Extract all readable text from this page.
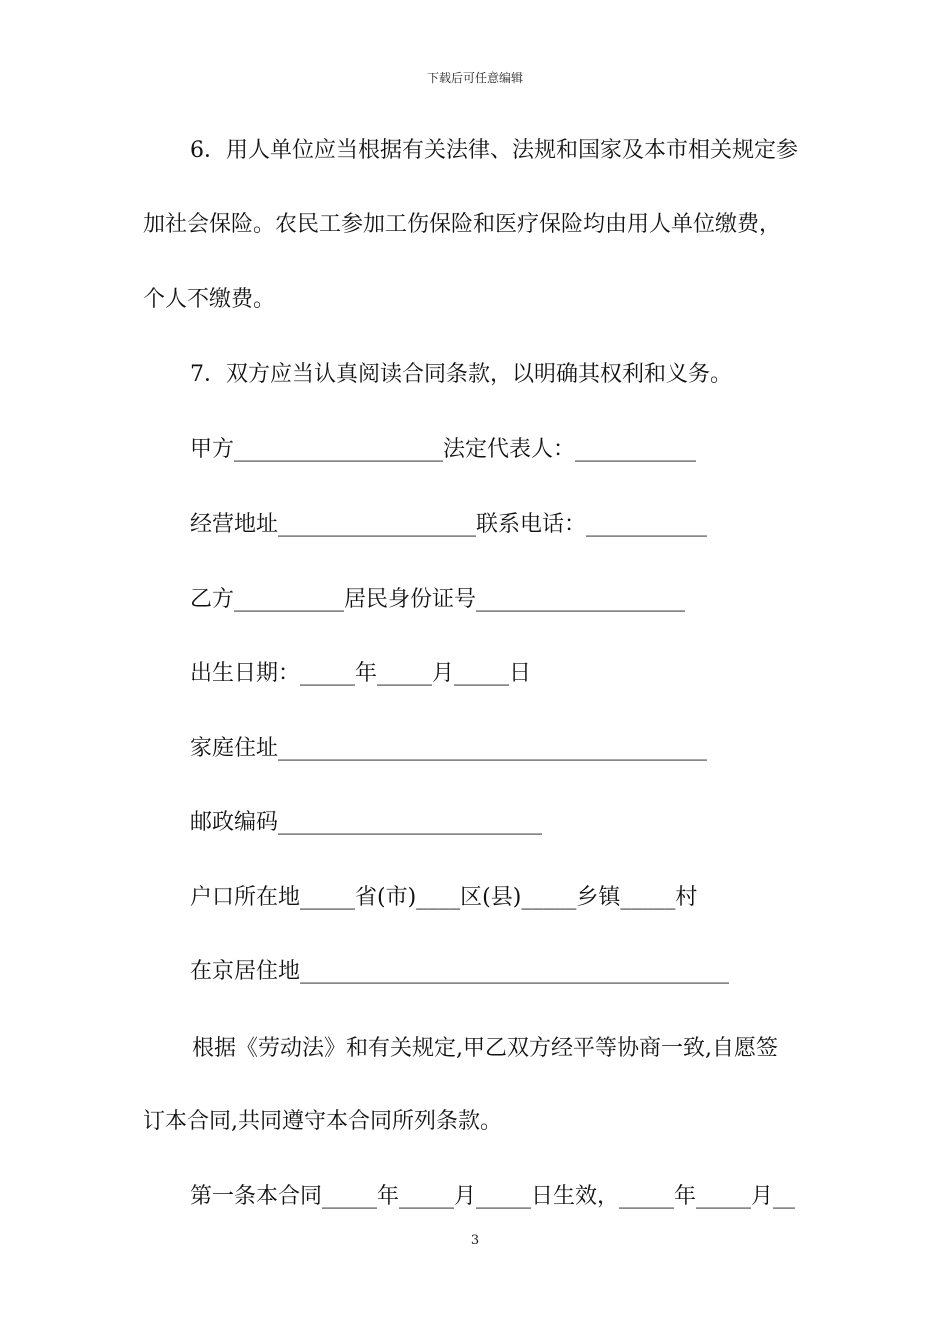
下载后可任意编辑
6．用人单位应当根据有关法律、法规和国家及本市相关规定参
加社会保险。农民工参加工伤保险和医疗保险均由用人单位缴费，
个人不缴费。
7．双方应当认真阅读合同条款，以明确其权利和义务。
甲方___________________法定代表人：___________
经营地址__________________联系电话：___________
乙方__________居民身份证号___________________
出生日期：_____年_____月_____日
家庭住址_______________________________________
邮政编码________________________
户口所在地_____省(市)____区(县)_____乡镇_____村
在京居住地_______________________________________
根据《劳动法》和有关规定,甲乙双方经平等协商一致,自愿签
订本合同,共同遵守本合同所列条款。
第一条本合同_____年_____月_____日生效，_____年_____月__
3
